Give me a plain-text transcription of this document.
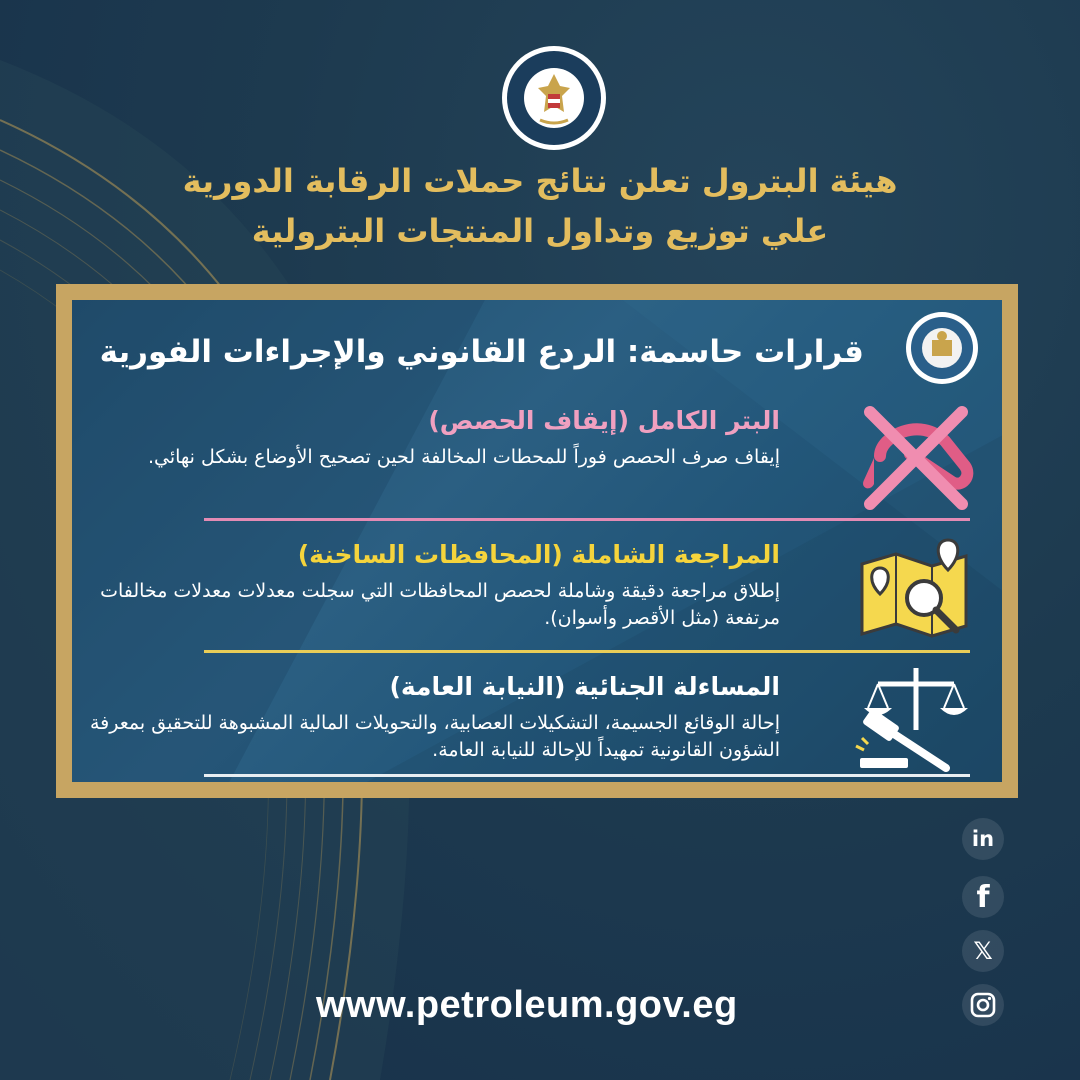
هيئة البترول تعلن نتائج حملات الرقابة الدورية
علي توزيع وتداول المنتجات البترولية
قرارات حاسمة: الردع القانوني والإجراءات الفورية
البتر الكامل (إيقاف الحصص)
إيقاف صرف الحصص فوراً للمحطات المخالفة لحين تصحيح الأوضاع بشكل نهائي.
المراجعة الشاملة (المحافظات الساخنة)
إطلاق مراجعة دقيقة وشاملة لحصص المحافظات التي سجلت معدلات معدلات مخالفات مرتفعة (مثل الأقصر وأسوان).
المساءلة الجنائية (النيابة العامة)
إحالة الوقائع الجسيمة، التشكيلات العصابية، والتحويلات المالية المشبوهة للتحقيق بمعرفة الشؤون القانونية تمهيداً للإحالة للنيابة العامة.
in
f
𝕏
www.petroleum.gov.eg
